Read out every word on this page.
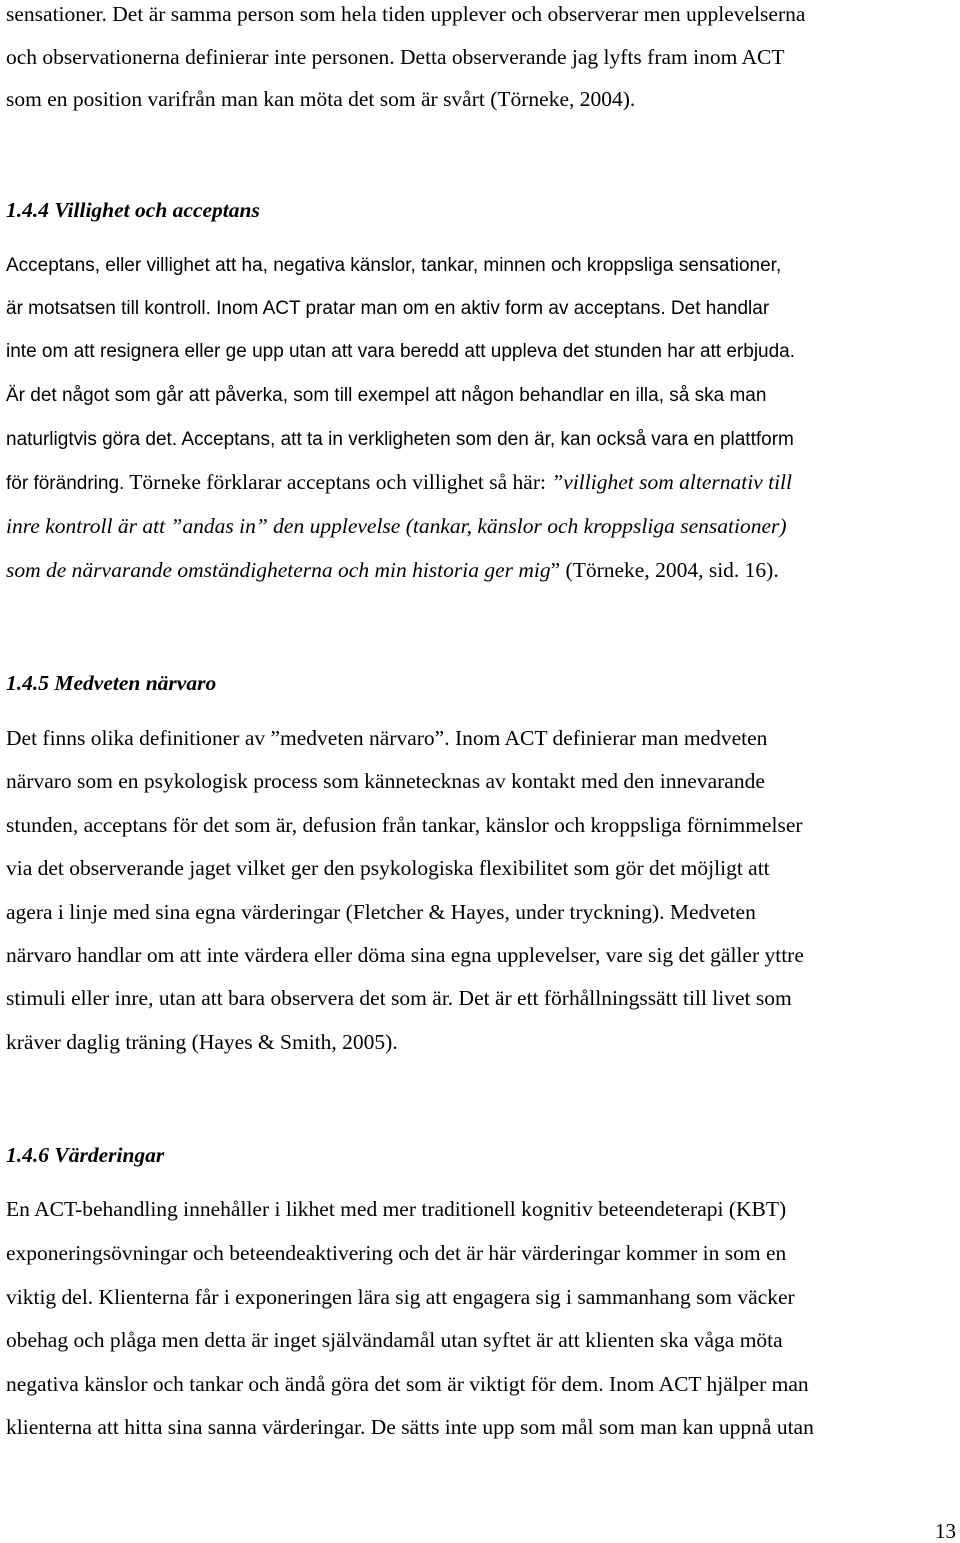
sensationer. Det är samma person som hela tiden upplever och observerar men upplevelserna
och observationerna definierar inte personen. Detta observerande jag lyfts fram inom ACT
som en position varifrån man kan möta det som är svårt (Törneke, 2004).
1.4.4 Villighet och acceptans
Acceptans, eller villighet att ha, negativa känslor, tankar, minnen och kroppsliga sensationer,
är motsatsen till kontroll. Inom ACT pratar man om en aktiv form av acceptans. Det handlar
inte om att resignera eller ge upp utan att vara beredd att uppleva det stunden har att erbjuda.
Är det något som går att påverka, som till exempel att någon behandlar en illa, så ska man
naturligtvis göra det. Acceptans, att ta in verkligheten som den är, kan också vara en plattform
för förändring. Törneke förklarar acceptans och villighet så här: ”villighet som alternativ till
inre kontroll är att ”andas in” den upplevelse (tankar, känslor och kroppsliga sensationer)
som de närvarande omständigheterna och min historia ger mig” (Törneke, 2004, sid. 16).
1.4.5 Medveten närvaro
Det finns olika definitioner av ”medveten närvaro”. Inom ACT definierar man medveten
närvaro som en psykologisk process som kännetecknas av kontakt med den innevarande
stunden, acceptans för det som är, defusion från tankar, känslor och kroppsliga förnimmelser
via det observerande jaget vilket ger den psykologiska flexibilitet som gör det möjligt att
agera i linje med sina egna värderingar (Fletcher & Hayes, under tryckning). Medveten
närvaro handlar om att inte värdera eller döma sina egna upplevelser, vare sig det gäller yttre
stimuli eller inre, utan att bara observera det som är. Det är ett förhållningssätt till livet som
kräver daglig träning (Hayes & Smith, 2005).
1.4.6 Värderingar
En ACT-behandling innehåller i likhet med mer traditionell kognitiv beteendeterapi (KBT)
exponeringsövningar och beteendeaktivering och det är här värderingar kommer in som en
viktig del. Klienterna får i exponeringen lära sig att engagera sig i sammanhang som väcker
obehag och plåga men detta är inget självändamål utan syftet är att klienten ska våga möta
negativa känslor och tankar och ändå göra det som är viktigt för dem. Inom ACT hjälper man
klienterna att hitta sina sanna värderingar. De sätts inte upp som mål som man kan uppnå utan
13
